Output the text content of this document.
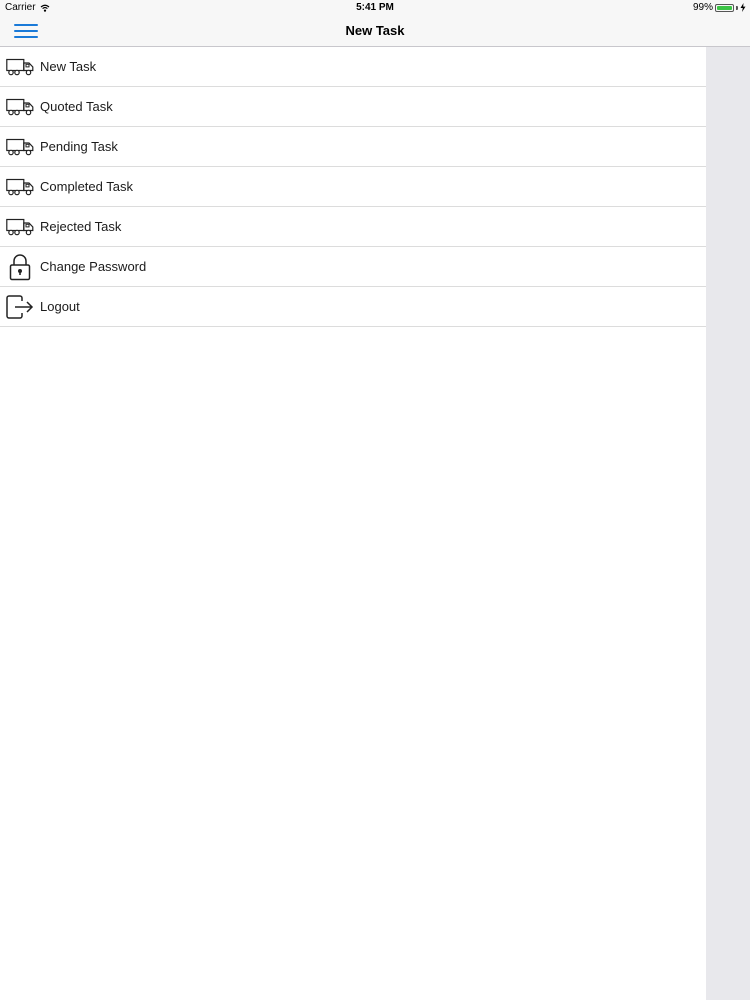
Carrier	5:41 PM	99%
New Task
New Task
Quoted Task
Pending Task
Completed Task
Rejected Task
Change Password
Logout
